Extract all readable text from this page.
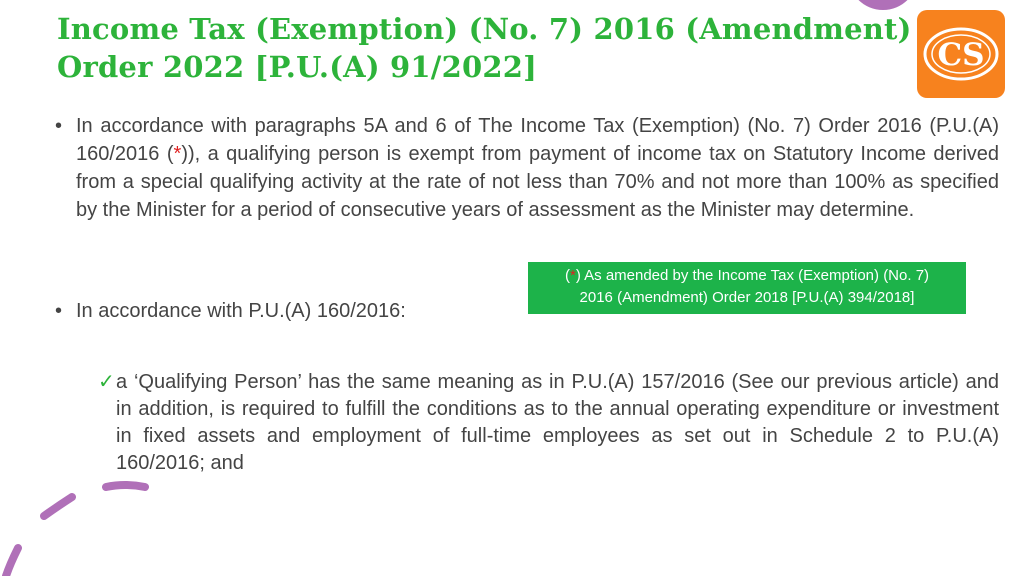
Income Tax (Exemption) (No. 7) 2016 (Amendment)
Order 2022 [P.U.(A) 91/2022]	CS
• In accordance with paragraphs 5A and 6 of The Income Tax (Exemption) (No. 7) Order 2016 (P.U.(A) 160/2016 (*)), a qualifying person is exempt from payment of income tax on Statutory Income derived from a special qualifying activity at the rate of not less than 70% and not more than 100% as specified by the Minister for a period of consecutive years of assessment as the Minister may determine.
(*) As amended by the Income Tax (Exemption) (No. 7)
2016 (Amendment) Order 2018 [P.U.(A) 394/2018]
• In accordance with P.U.(A) 160/2016:
✓ a ‘Qualifying Person’ has the same meaning as in P.U.(A) 157/2016 (See our previous article) and in addition, is required to fulfill the conditions as to the annual operating expenditure or investment in fixed assets and employment of full-time employees as set out in Schedule 2 to P.U.(A) 160/2016; and
